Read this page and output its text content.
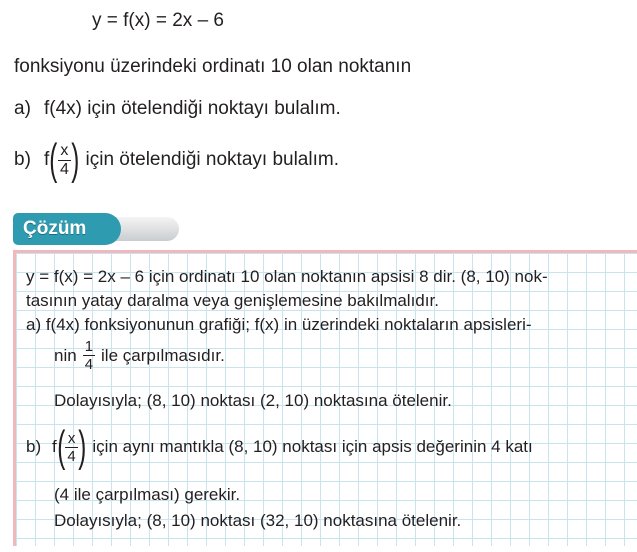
y = f(x) = 2x – 6
fonksiyonu üzerindeki ordinatı 10 olan noktanın
a) f(4x) için ötelendiği noktayı bulalım.
b) f ( $\frac{x}{4}$ ) için ötelendiği noktayı bulalım.
Çözüm
y = f(x) = 2x – 6 için ordinatı 10 olan noktanın apsisi 8 dir. (8, 10) nok-
tasının yatay daralma veya genişlemesine bakılmalıdır.
a) f(4x) fonksiyonunun grafiği; f(x) in üzerindeki noktaların apsisleri-
nin $\frac{1}{4}$ ile çarpılmasıdır.
Dolayısıyla; (8, 10) noktası (2, 10) noktasına ötelenir.
b) f ( $\frac{x}{4}$ ) için aynı mantıkla (8, 10) noktası için apsis değerinin 4 katı
(4 ile çarpılması) gerekir.
Dolayısıyla; (8, 10) noktası (32, 10) noktasına ötelenir.
